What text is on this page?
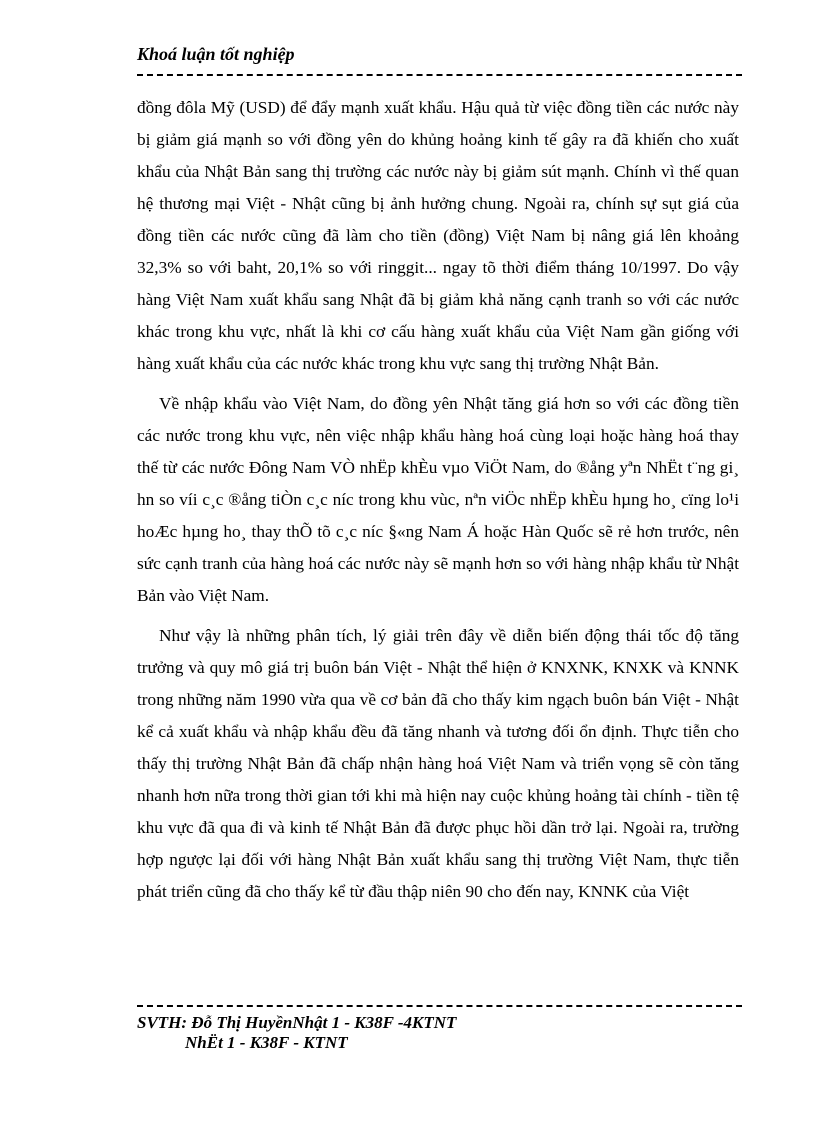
Khoá luận tốt nghiệp

đồng đôla Mỹ (USD) để đẩy mạnh xuất khẩu. Hậu quả từ việc đồng tiền các nước này bị giảm giá mạnh so với đồng yên do khủng hoảng kinh tế gây ra đã khiến cho xuất khẩu của Nhật Bản sang thị trường các nước này bị giảm sút mạnh. Chính vì thế quan hệ thương mại Việt - Nhật cũng bị ảnh hưởng chung. Ngoài ra, chính sự sụt giá của đồng tiền các nước cũng đã làm cho tiền (đồng) Việt Nam bị nâng giá lên khoảng 32,3% so với baht, 20,1% so với ringgit... ngay tõ thời điểm tháng 10/1997. Do vậy hàng Việt Nam xuất khẩu sang Nhật đã bị giảm khả năng cạnh tranh so với các nước khác trong khu vực, nhất là khi cơ cấu hàng xuất khẩu của Việt Nam gần giống với hàng xuất khẩu của các nước khác trong khu vực sang thị trường Nhật Bản.

Về nhập khẩu vào Việt Nam, do đồng yên Nhật tăng giá hơn so với các đồng tiền các nước trong khu vực, nên việc nhập khẩu hàng hoá cùng loại hoặc hàng hoá thay thế từ các nước Đông Nam VÒ nhËp khÈu vµo ViÖt Nam, do ®ång yªn NhËt t¨ng gi¸ hn so víi c¸c ®ång tiÒn c¸c níc trong khu vùc, nªn viÖc nhËp khÈu hµng ho¸ cïng lo¹i hoÆc hµng ho¸ thay thÕ tõ c¸c níc §«ng Nam Á hoặc Hàn Quốc sẽ rẻ hơn trước, nên sức cạnh tranh của hàng hoá các nước này sẽ mạnh hơn so với hàng nhập khẩu từ Nhật Bản vào Việt Nam.

Như vậy là những phân tích, lý giải trên đây về diễn biến động thái tốc độ tăng trưởng và quy mô giá trị buôn bán Việt - Nhật thể hiện ở KNXNK, KNXK và KNNK trong những năm 1990 vừa qua về cơ bản đã cho thấy kim ngạch buôn bán Việt - Nhật kể cả xuất khẩu và nhập khẩu đều đã tăng nhanh và tương đối ổn định. Thực tiễn cho thấy thị trường Nhật Bản đã chấp nhận hàng hoá Việt Nam và triển vọng sẽ còn tăng nhanh hơn nữa trong thời gian tới khi mà hiện nay cuộc khủng hoảng tài chính - tiền tệ khu vực đã qua đi và kinh tế Nhật Bản đã được phục hồi dần trở lại. Ngoài ra, trường hợp ngược lại đối với hàng Nhật Bản xuất khẩu sang thị trường Việt Nam, thực tiễn phát triển cũng đã cho thấy kể từ đầu thập niên 90 cho đến nay, KNNK của Việt

SVTH: Đỗ Thị HuyềnNhật 1 - K38F -4KTNT
NhËt 1 - K38F - KTNT
